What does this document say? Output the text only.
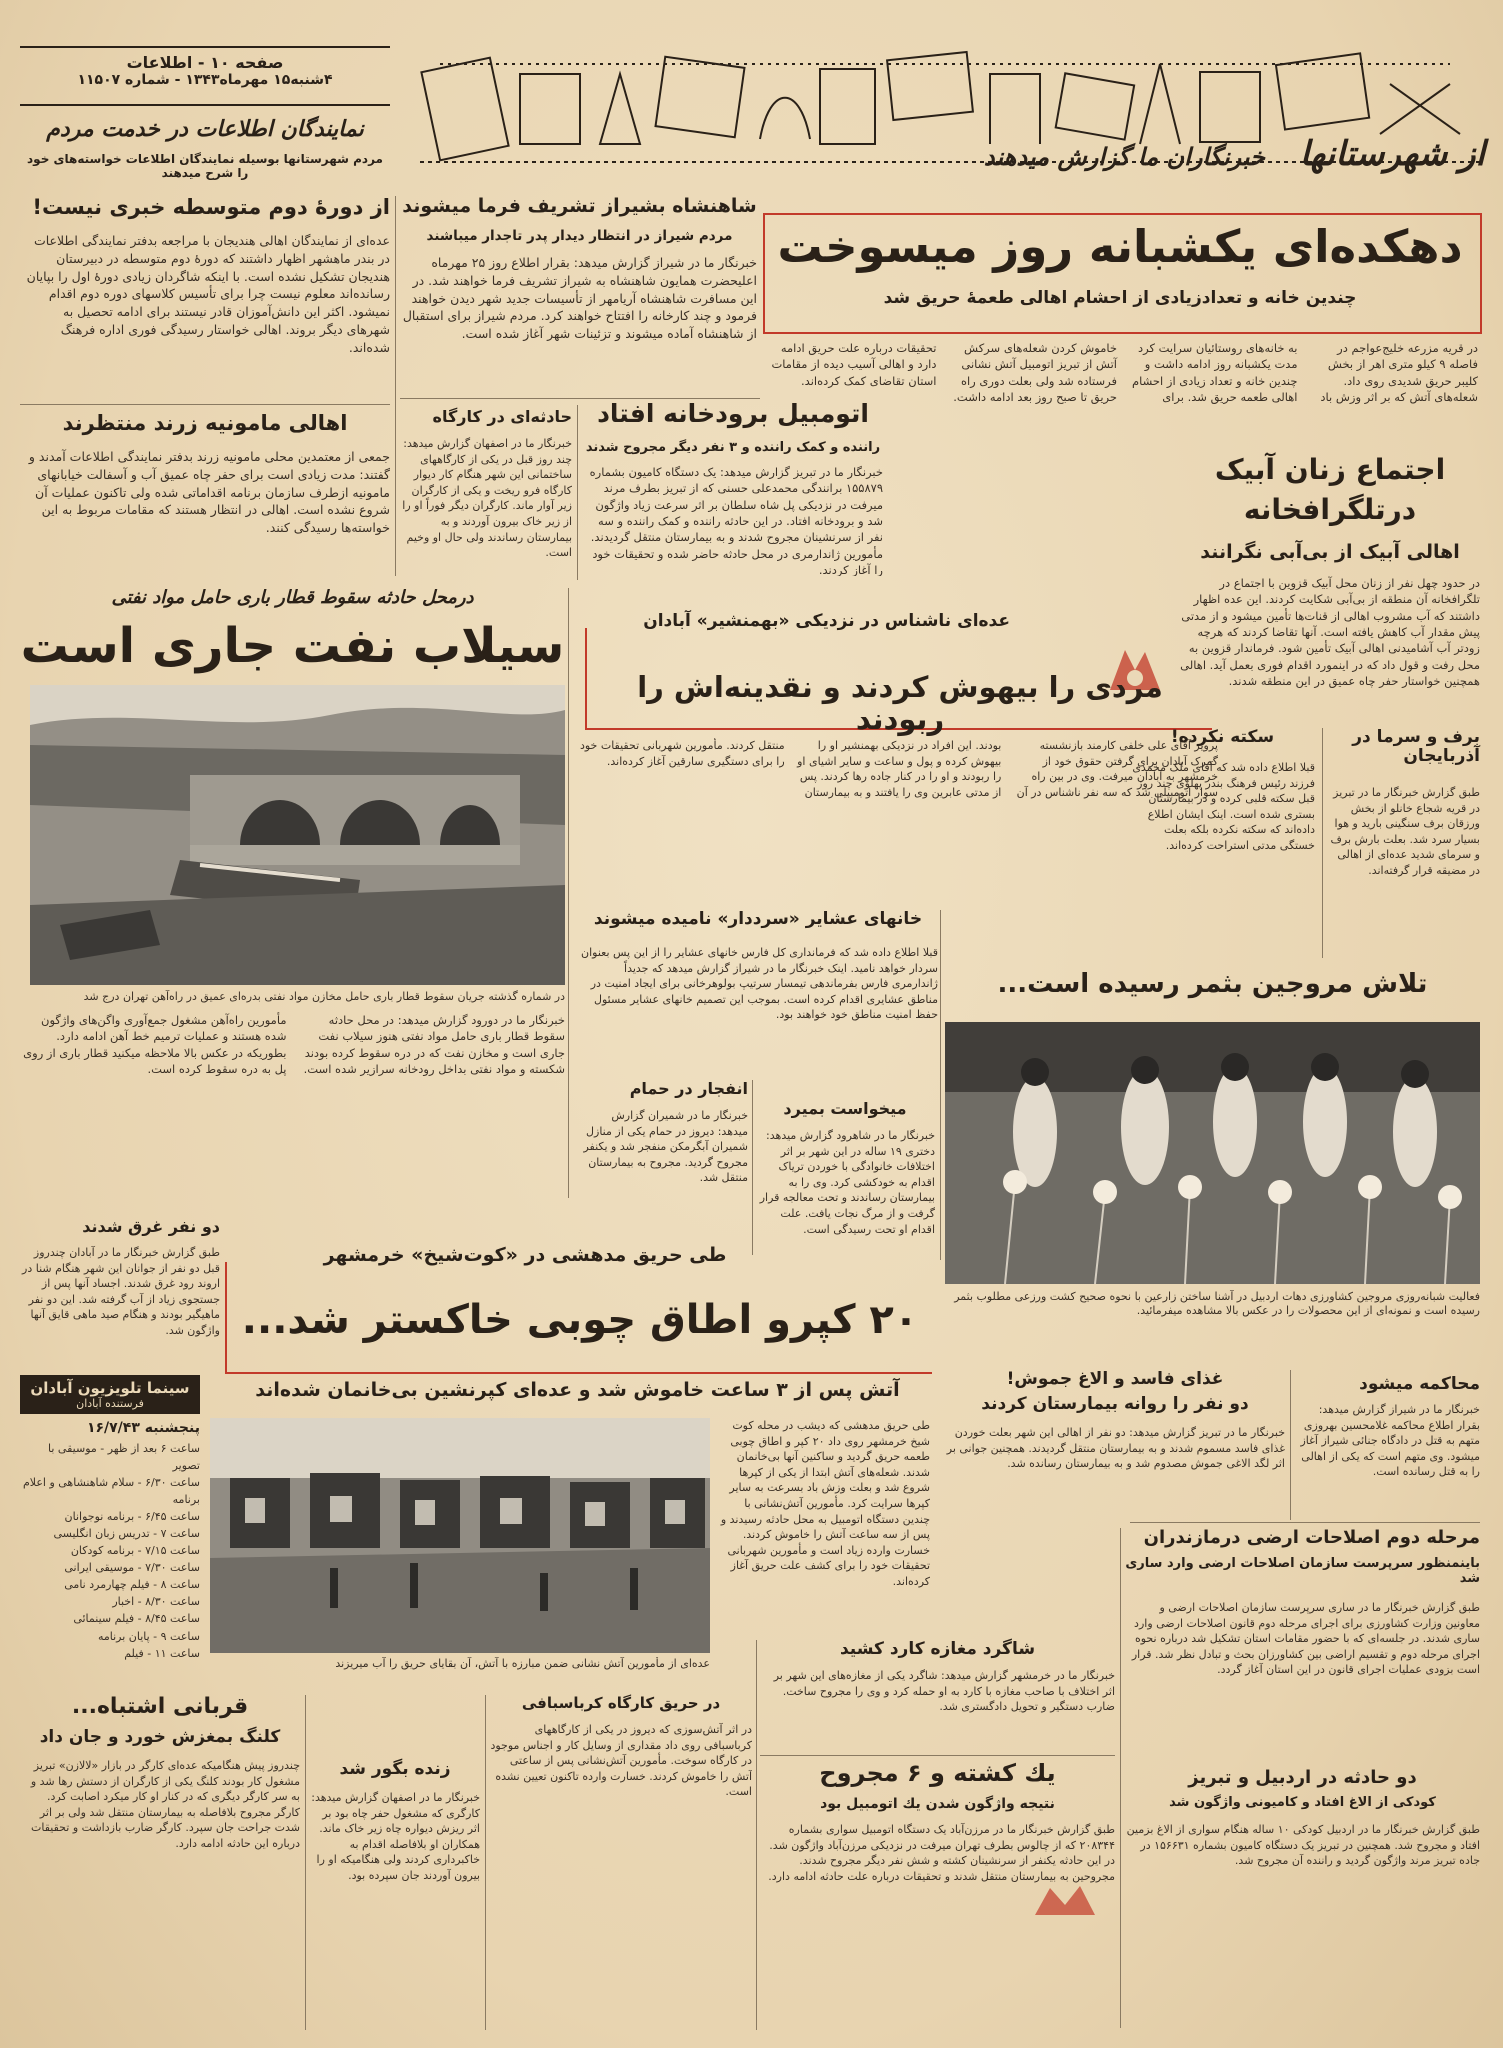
از شهرستانها
خبرنگاران ما گزارش میدهند
صفحه ۱۰ - اطلاعات
۴شنبه۱۵ مهرماه۱۳۴۳ - شماره ۱۱۵۰۷
نمایندگان اطلاعات در خدمت مردم
مردم شهرستانها بوسیله نمایندگان اطلاعات خواسته‌های خود را شرح میدهند
از دورهٔ دوم متوسطه خبری نیست!
عده‌ای از نمایندگان اهالی هندیجان با مراجعه بدفتر نمایندگی اطلاعات در بندر ماهشهر اظهار داشتند که دورهٔ دوم متوسطه در دبیرستان هندیجان تشکیل نشده است. با اینکه شاگردان زیادی دورهٔ اول را بپایان رسانده‌اند معلوم نیست چرا برای تأسیس کلاسهای دوره دوم اقدام نمیشود. اکثر این دانش‌آموزان قادر نیستند برای ادامه تحصیل به شهرهای دیگر بروند. اهالی خواستار رسیدگی فوری اداره فرهنگ شده‌اند.
اهالی مامونیه زرند منتظرند
جمعی از معتمدین محلی مامونیه زرند بدفتر نمایندگی اطلاعات آمدند و گفتند: مدت زیادی است برای حفر چاه عمیق آب و آسفالت خیابانهای مامونیه ازطرف سازمان برنامه اقداماتی شده ولی تاکنون عملیات آن شروع نشده است. اهالی در انتظار هستند که مقامات مربوط به این خواسته‌ها رسیدگی کنند.
شاهنشاه بشیراز تشریف فرما میشوند
مردم شیراز در انتظار دیدار پدر تاجدار میباشند
خبرنگار ما در شیراز گزارش میدهد: بقرار اطلاع روز ۲۵ مهرماه اعلیحضرت همایون شاهنشاه به شیراز تشریف فرما خواهند شد. در این مسافرت شاهنشاه آریامهر از تأسیسات جدید شهر دیدن خواهند فرمود و چند کارخانه را افتتاح خواهند کرد. مردم شیراز برای استقبال از شاهنشاه آماده میشوند و تزئینات شهر آغاز شده است.
حادثه‌ای در کارگاه
خبرنگار ما در اصفهان گزارش میدهد: چند روز قبل در یکی از کارگاههای ساختمانی این شهر هنگام کار دیوار کارگاه فرو ریخت و یکی از کارگران زیر آوار ماند. کارگران دیگر فوراً او را از زیر خاک بیرون آوردند و به بیمارستان رساندند ولی حال او وخیم است.
اتومبیل برودخانه افتاد
راننده و کمک راننده و ۳ نفر دیگر مجروح شدند
خبرنگار ما در تبریز گزارش میدهد: یک دستگاه کامیون بشماره ۱۵۵۸۷۹ برانندگی محمدعلی حسنی که از تبریز بطرف مرند میرفت در نزدیکی پل شاه سلطان بر اثر سرعت زیاد واژگون شد و برودخانه افتاد. در این حادثه راننده و کمک راننده و سه نفر از سرنشینان مجروح شدند و به بیمارستان منتقل گردیدند. مأمورین ژاندارمری در محل حادثه حاضر شده و تحقیقات خود را آغاز کردند.
دهکده‌ای یکشبانه روز میسوخت
چندین خانه و تعدادزیادی از احشام اهالی طعمهٔ حریق شد
در قریه مزرعه خلیج‌عواجم در فاصله ۹ کیلو متری اهر از بخش کلیبر حریق شدیدی روی داد. شعله‌های آتش که بر اثر وزش باد به خانه‌های روستائیان سرایت کرد مدت یکشبانه روز ادامه داشت و چندین خانه و تعداد زیادی از احشام اهالی طعمه حریق شد. برای خاموش کردن شعله‌های سرکش آتش از تبریز اتومبیل آتش نشانی فرستاده شد ولی بعلت دوری راه حریق تا صبح روز بعد ادامه داشت. تحقیقات درباره علت حریق ادامه دارد و اهالی آسیب دیده از مقامات استان تقاضای کمک کرده‌اند.
اجتماع زنان آبیک
درتلگرافخانه
اهالی آبیک از بی‌آبی نگرانند
در حدود چهل نفر از زنان محل آبیک قزوین با اجتماع در تلگرافخانه آن منطقه از بی‌آبی شکایت کردند. این عده اظهار داشتند که آب مشروب اهالی از قنات‌ها تأمین میشود و از مدتی پیش مقدار آب کاهش یافته است. آنها تقاضا کردند که هرچه زودتر آب آشامیدنی اهالی آبیک تأمین شود. فرماندار قزوین به محل رفت و قول داد که در اینمورد اقدام فوری بعمل آید. اهالی همچنین خواستار حفر چاه عمیق در این منطقه شدند.
درمحل حادثه سقوط قطار باری حامل مواد نفتی
سیلاب نفت جاری است
در شماره گذشته جریان سقوط قطار باری حامل مخازن مواد نفتی بدره‌ای عمیق در راه‌آهن تهران درج شد
خبرنگار ما در دورود گزارش میدهد: در محل حادثه سقوط قطار باری حامل مواد نفتی هنوز سیلاب نفت جاری است و مخازن نفت که در دره سقوط کرده بودند شکسته و مواد نفتی بداخل رودخانه سرازیر شده است. مأمورین راه‌آهن مشغول جمع‌آوری واگن‌های واژگون شده هستند و عملیات ترمیم خط آهن ادامه دارد. بطوریکه در عکس بالا ملاحظه میکنید قطار باری از روی پل به دره سقوط کرده است.
عده‌ای ناشناس در نزدیکی «بهمنشیر» آبادان
مردی را بیهوش کردند و نقدینه‌اش را ربودند
پرویز آقای علی خلفی کارمند بازنشسته گمرک آبادان برای گرفتن حقوق خود از خرمشهر به آبادان میرفت. وی در بین راه سوار اتومبیلی شد که سه نفر ناشناس در آن بودند. این افراد در نزدیکی بهمنشیر او را بیهوش کرده و پول و ساعت و سایر اشیای او را ربودند و او را در کنار جاده رها کردند. پس از مدتی عابرین وی را یافتند و به بیمارستان منتقل کردند. مأمورین شهربانی تحقیقات خود را برای دستگیری سارقین آغاز کرده‌اند.
برف و سرما در آذربایجان
طبق گزارش خبرنگار ما در تبریز در قریه شجاع خانلو از بخش ورزقان برف سنگینی بارید و هوا بسیار سرد شد. بعلت بارش برف و سرمای شدید عده‌ای از اهالی در مضیقه قرار گرفته‌اند.
سکته نکرده!
قبلا اطلاع داده شد که آقای ملک محمدی فرزند رئیس فرهنگ بندر پهلوی چند روز قبل سکته قلبی کرده و در بیمارستان بستری شده است. اینک ایشان اطلاع داده‌اند که سکته نکرده بلکه بعلت خستگی مدتی استراحت کرده‌اند.
خانهای عشایر «سرددار» نامیده میشوند
قبلا اطلاع داده شد که فرمانداری کل فارس خانهای عشایر را از این پس بعنوان سردار خواهد نامید. اینک خبرنگار ما در شیراز گزارش میدهد که جدیداً ژاندارمری فارس بفرماندهی تیمسار سرتیپ بولوهرخانی برای ایجاد امنیت در مناطق عشایری اقدام کرده است. بموجب این تصمیم خانهای عشایر مسئول حفظ امنیت مناطق خود خواهند بود.
تلاش مروجین بثمر رسیده است...
فعالیت شبانه‌روزی مروجین کشاورزی دهات اردبیل در آشنا ساختن زارعین با نحوه صحیح کشت ورزعی مطلوب بثمر رسیده است و نمونه‌ای از این محصولات را در عکس بالا مشاهده میفرمائید.
انفجار در حمام
خبرنگار ما در شمیران گزارش میدهد: دیروز در حمام یکی از منازل شمیران آبگرمکن منفجر شد و یکنفر مجروح گردید. مجروح به بیمارستان منتقل شد.
میخواست بمیرد
خبرنگار ما در شاهرود گزارش میدهد: دختری ۱۹ ساله در این شهر بر اثر اختلافات خانوادگی با خوردن تریاک اقدام به خودکشی کرد. وی را به بیمارستان رساندند و تحت معالجه قرار گرفت و از مرگ نجات یافت. علت اقدام او تحت رسیدگی است.
دو نفر غرق شدند
طبق گزارش خبرنگار ما در آبادان چندروز قبل دو نفر از جوانان این شهر هنگام شنا در اروند رود غرق شدند. اجساد آنها پس از جستجوی زیاد از آب گرفته شد. این دو نفر ماهیگیر بودند و هنگام صید ماهی قایق آنها واژگون شد.
طی حریق مدهشی در «کوت‌شیخ» خرمشهر
۲۰ کپرو اطاق چوبی خاکستر شد...
آتش پس از ۳ ساعت خاموش شد و عده‌ای کپرنشین بی‌خانمان شده‌اند
عده‌ای از مأمورین آتش نشانی ضمن مبارزه با آتش، آن بقایای حریق را آب میریزند
طی حریق مدهشی که دیشب در محله کوت شیخ خرمشهر روی داد ۲۰ کپر و اطاق چوبی طعمه حریق گردید و ساکنین آنها بی‌خانمان شدند. شعله‌های آتش ابتدا از یکی از کپرها شروع شد و بعلت وزش باد بسرعت به سایر کپرها سرایت کرد. مأمورین آتش‌نشانی با چندین دستگاه اتومبیل به محل حادثه رسیدند و پس از سه ساعت آتش را خاموش کردند. خسارت وارده زیاد است و مأمورین شهربانی تحقیقات خود را برای کشف علت حریق آغاز کرده‌اند.
سینما تلویزیون آبادان
فرستنده آبادان
پنجشنبه ۱۶/۷/۴۳
ساعت ۶ بعد از ظهر - موسیقی با تصویر
ساعت ۶/۳۰ - سلام شاهنشاهی و اعلام برنامه
ساعت ۶/۴۵ - برنامه نوجوانان
ساعت ۷ - تدریس زبان انگلیسی
ساعت ۷/۱۵ - برنامه کودکان
ساعت ۷/۳۰ - موسیقی ایرانی
ساعت ۸ - فیلم چهارمرد نامی
ساعت ۸/۳۰ - اخبار
ساعت ۸/۴۵ - فیلم سینمائی
ساعت ۹ - پایان برنامه
ساعت ۱۱ - فیلم
غذای فاسد و الاغ جموش!
دو نفر را روانه بیمارستان کردند
خبرنگار ما در تبریز گزارش میدهد: دو نفر از اهالی این شهر بعلت خوردن غذای فاسد مسموم شدند و به بیمارستان منتقل گردیدند. همچنین جوانی بر اثر لگد الاغی جموش مصدوم شد و به بیمارستان رسانده شد.
محاکمه میشود
خبرنگار ما در شیراز گزارش میدهد: بقرار اطلاع محاکمه غلامحسین بهروزی متهم به قتل در دادگاه جنائی شیراز آغاز میشود. وی متهم است که یکی از اهالی را به قتل رسانده است.
مرحله دوم اصلاحات ارضی درمازندران
باینمنظور سرپرست سازمان اصلاحات ارضی وارد ساری شد
طبق گزارش خبرنگار ما در ساری سرپرست سازمان اصلاحات ارضی و معاونین وزارت کشاورزی برای اجرای مرحله دوم قانون اصلاحات ارضی وارد ساری شدند. در جلسه‌ای که با حضور مقامات استان تشکیل شد درباره نحوه اجرای مرحله دوم و تقسیم اراضی بین کشاورزان بحث و تبادل نظر شد. قرار است بزودی عملیات اجرای قانون در این استان آغاز گردد.
شاگرد مغازه کارد کشید
خبرنگار ما در خرمشهر گزارش میدهد: شاگرد یکی از مغازه‌های این شهر بر اثر اختلاف با صاحب مغازه با کارد به او حمله کرد و وی را مجروح ساخت. ضارب دستگیر و تحویل دادگستری شد.
یك کشته و ۶ مجروح
نتیجه واژگون شدن یك اتومبیل بود
طبق گزارش خبرنگار ما در مرزن‌آباد یک دستگاه اتومبیل سواری بشماره ۲۰۸۳۴۴ که از چالوس بطرف تهران میرفت در نزدیکی مرزن‌آباد واژگون شد. در این حادثه یکنفر از سرنشینان کشته و شش نفر دیگر مجروح شدند. مجروحین به بیمارستان منتقل شدند و تحقیقات درباره علت حادثه ادامه دارد.
دو حادثه در اردبیل و تبریز
کودکی از الاغ افتاد و کامیونی واژگون شد
طبق گزارش خبرنگار ما در اردبیل کودکی ۱۰ ساله هنگام سواری از الاغ بزمین افتاد و مجروح شد. همچنین در تبریز یک دستگاه کامیون بشماره ۱۵۶۶۳۱ در جاده تبریز مرند واژگون گردید و راننده آن مجروح شد.
قربانی اشتباه...
کلنگ بمغزش خورد و جان داد
چندروز پیش هنگامیکه عده‌ای کارگر در بازار «لالازن» تبریز مشغول کار بودند کلنگ یکی از کارگران از دستش رها شد و به سر کارگر دیگری که در کنار او کار میکرد اصابت کرد. کارگر مجروح بلافاصله به بیمارستان منتقل شد ولی بر اثر شدت جراحت جان سپرد. کارگر ضارب بازداشت و تحقیقات درباره این حادثه ادامه دارد.
زنده بگور شد
خبرنگار ما در اصفهان گزارش میدهد: کارگری که مشغول حفر چاه بود بر اثر ریزش دیواره چاه زیر خاک ماند. همکاران او بلافاصله اقدام به خاکبرداری کردند ولی هنگامیکه او را بیرون آوردند جان سپرده بود.
در حریق کارگاه کرباسبافی
در اثر آتش‌سوزی که دیروز در یکی از کارگاههای کرباسبافی روی داد مقداری از وسایل کار و اجناس موجود در کارگاه سوخت. مأمورین آتش‌نشانی پس از ساعتی آتش را خاموش کردند. خسارت وارده تاکنون تعیین نشده است.
